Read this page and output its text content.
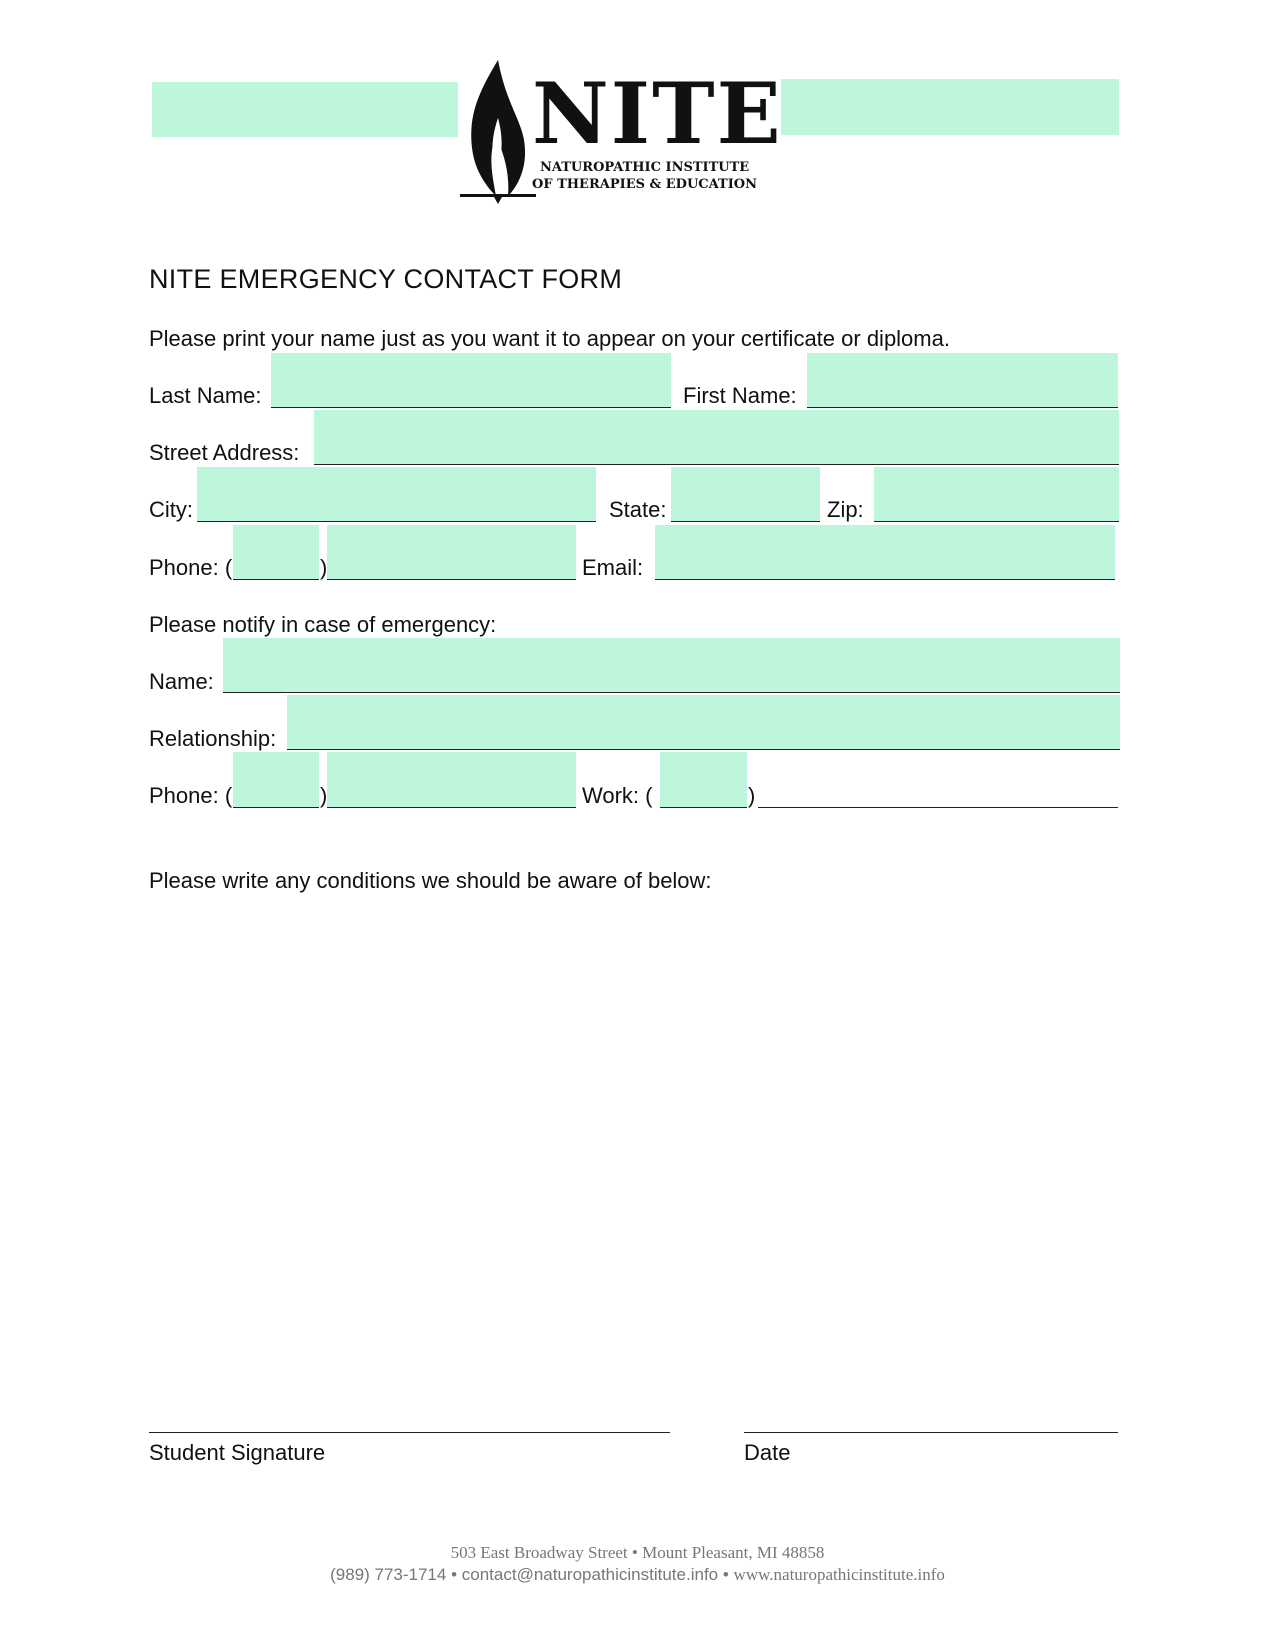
NITE
NATUROPATHIC INSTITUTE
OF THERAPIES & EDUCATION
NITE EMERGENCY CONTACT FORM
Please print your name just as you want it to appear on your certificate or diploma.
Last Name:	First Name:
Street Address:
City:	State:	Zip:
Phone: (	)	Email:
Please notify in case of emergency:
Name:
Relationship:
Phone: (	)	Work: (	)
Please write any conditions we should be aware of below:
Student Signature	Date
503 East Broadway Street • Mount Pleasant, MI 48858
(989) 773-1714 • contact@naturopathicinstitute.info • www.naturopathicinstitute.info
